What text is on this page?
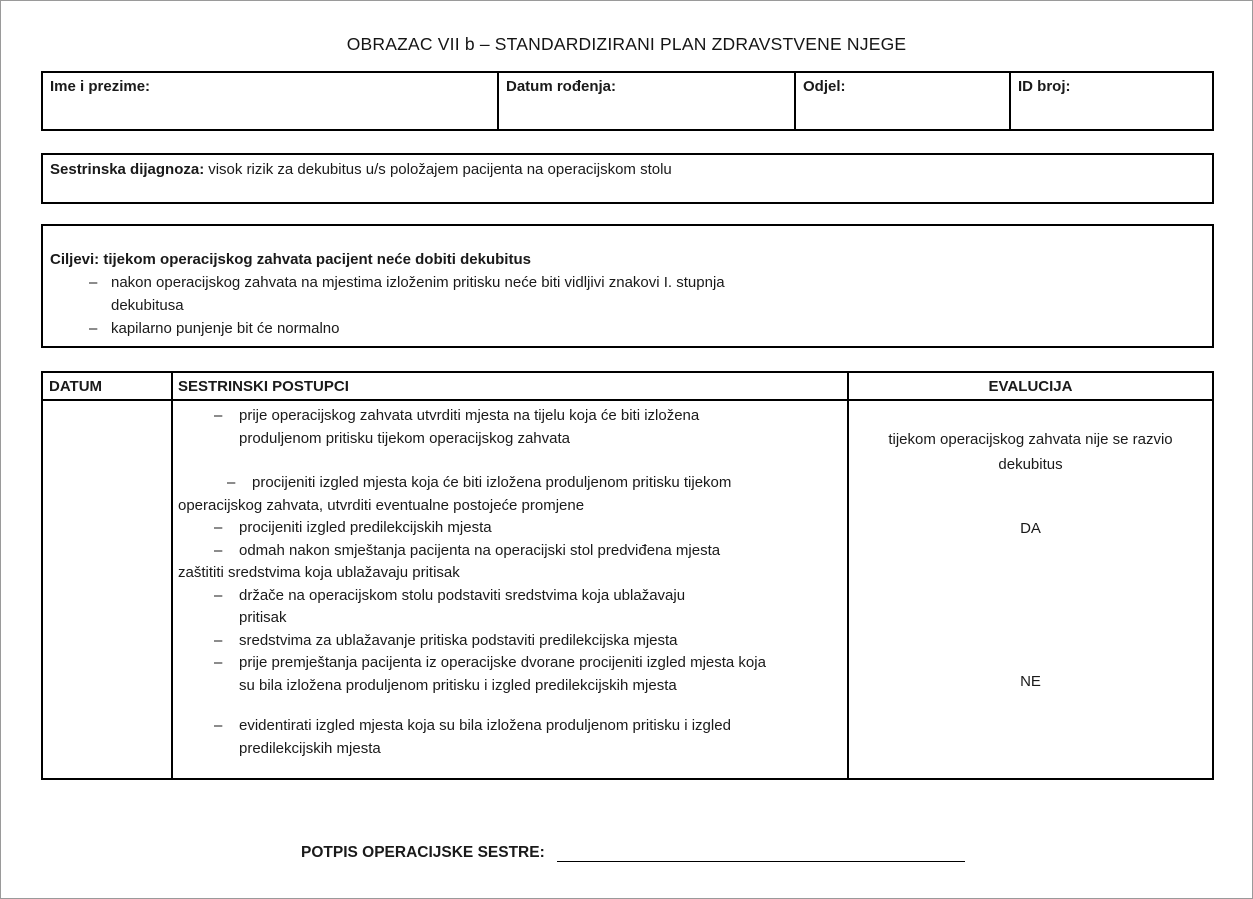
OBRAZAC VII b – STANDARDIZIRANI PLAN ZDRAVSTVENE NJEGE
Ime i prezime:	Datum rođenja:	Odjel:	ID broj:
Sestrinska dijagnoza: visok rizik za dekubitus u/s položajem pacijenta na operacijskom stolu
Ciljevi: tijekom operacijskog zahvata pacijent neće dobiti dekubitus
– nakon operacijskog zahvata na mjestima izloženim pritisku neće biti vidljivi znakovi I. stupnja
dekubitusa
– kapilarno punjenje bit će normalno
DATUM	SESTRINSKI POSTUPCI	EVALUCIJA
–	prije operacijskog zahvata utvrditi mjesta na tijelu koja će biti izložena
produljenom pritisku tijekom operacijskog zahvata
–	procijeniti izgled mjesta koja će biti izložena produljenom pritisku tijekom
operacijskog zahvata, utvrditi eventualne postojeće promjene
–	procijeniti izgled predilekcijskih mjesta
–	odmah nakon smještanja pacijenta na operacijski stol predviđena mjesta
zaštititi sredstvima koja ublažavaju pritisak
–	držače na operacijskom stolu podstaviti sredstvima koja ublažavaju
pritisak
–	sredstvima za ublažavanje pritiska podstaviti predilekcijska mjesta
–	prije premještanja pacijenta iz operacijske dvorane procijeniti izgled mjesta koja
su bila izložena produljenom pritisku i izgled predilekcijskih mjesta
–	evidentirati izgled mjesta koja su bila izložena produljenom pritisku i izgled
predilekcijskih mjesta
tijekom operacijskog zahvata nije se razvio
dekubitus
DA
NE
POTPIS OPERACIJSKE SESTRE:
